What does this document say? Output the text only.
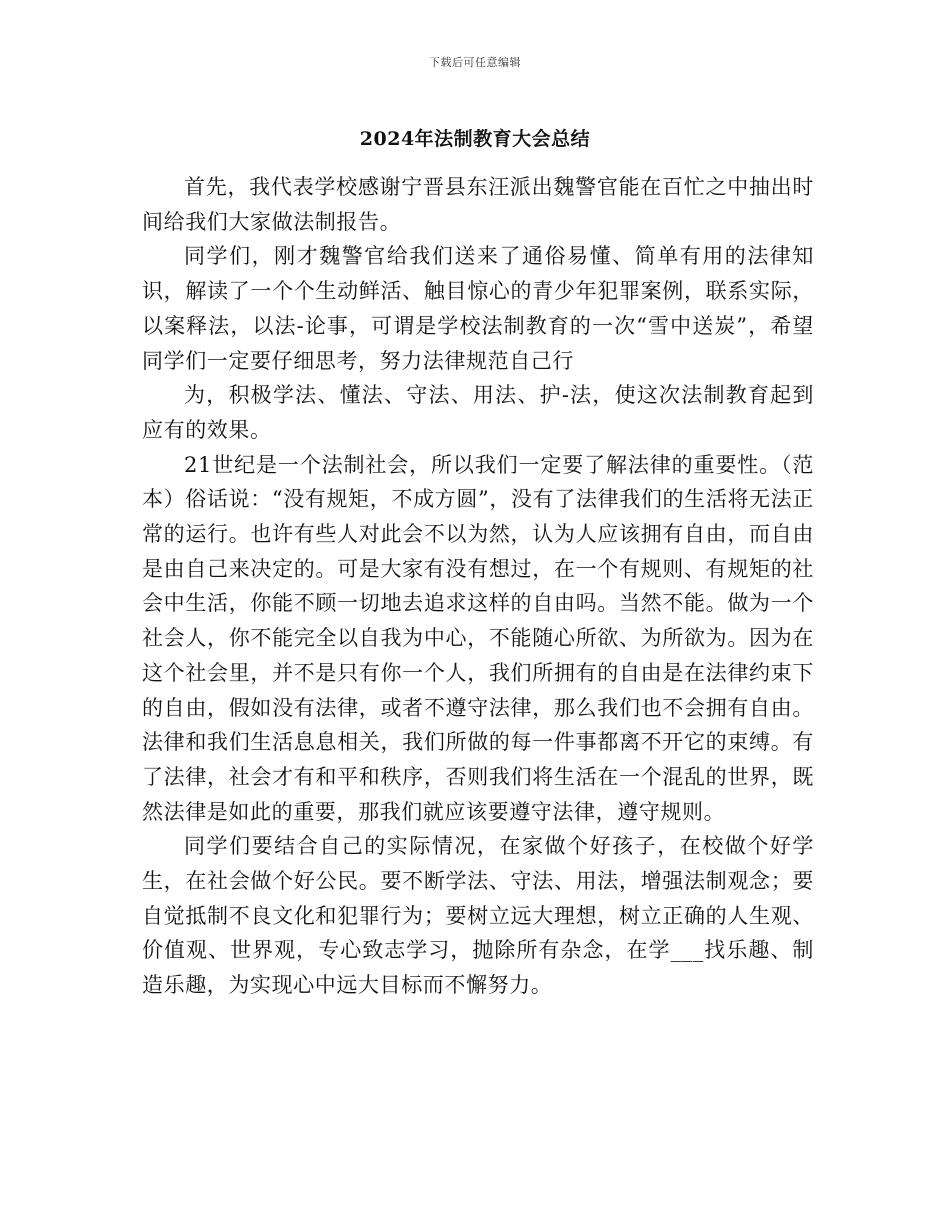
下载后可任意编辑
2024年法制教育大会总结

首先，我代表学校感谢宁晋县东汪派出魏警官能在百忙之中抽出时间给我们大家做法制报告。

同学们，刚才魏警官给我们送来了通俗易懂、简单有用的法律知识，解读了一个个生动鲜活、触目惊心的青少年犯罪案例，联系实际，以案释法，以法-论事，可谓是学校法制教育的一次“雪中送炭”，希望同学们一定要仔细思考，努力法律规范自己行

为，积极学法、懂法、守法、用法、护-法，使这次法制教育起到应有的效果。

21世纪是一个法制社会，所以我们一定要了解法律的重要性。（范本）俗话说：“没有规矩，不成方圆”，没有了法律我们的生活将无法正常的运行。也许有些人对此会不以为然，认为人应该拥有自由，而自由是由自己来决定的。可是大家有没有想过，在一个有规则、有规矩的社会中生活，你能不顾一切地去追求这样的自由吗。当然不能。做为一个社会人，你不能完全以自我为中心，不能随心所欲、为所欲为。因为在这个社会里，并不是只有你一个人，我们所拥有的自由是在法律约束下的自由，假如没有法律，或者不遵守法律，那么我们也不会拥有自由。法律和我们生活息息相关，我们所做的每一件事都离不开它的束缚。有了法律，社会才有和平和秩序，否则我们将生活在一个混乱的世界，既然法律是如此的重要，那我们就应该要遵守法律，遵守规则。

同学们要结合自己的实际情况，在家做个好孩子，在校做个好学生，在社会做个好公民。要不断学法、守法、用法，增强法制观念；要自觉抵制不良文化和犯罪行为；要树立远大理想，树立正确的人生观、价值观、世界观，专心致志学习，抛除所有杂念，在学___找乐趣、制造乐趣，为实现心中远大目标而不懈努力。
